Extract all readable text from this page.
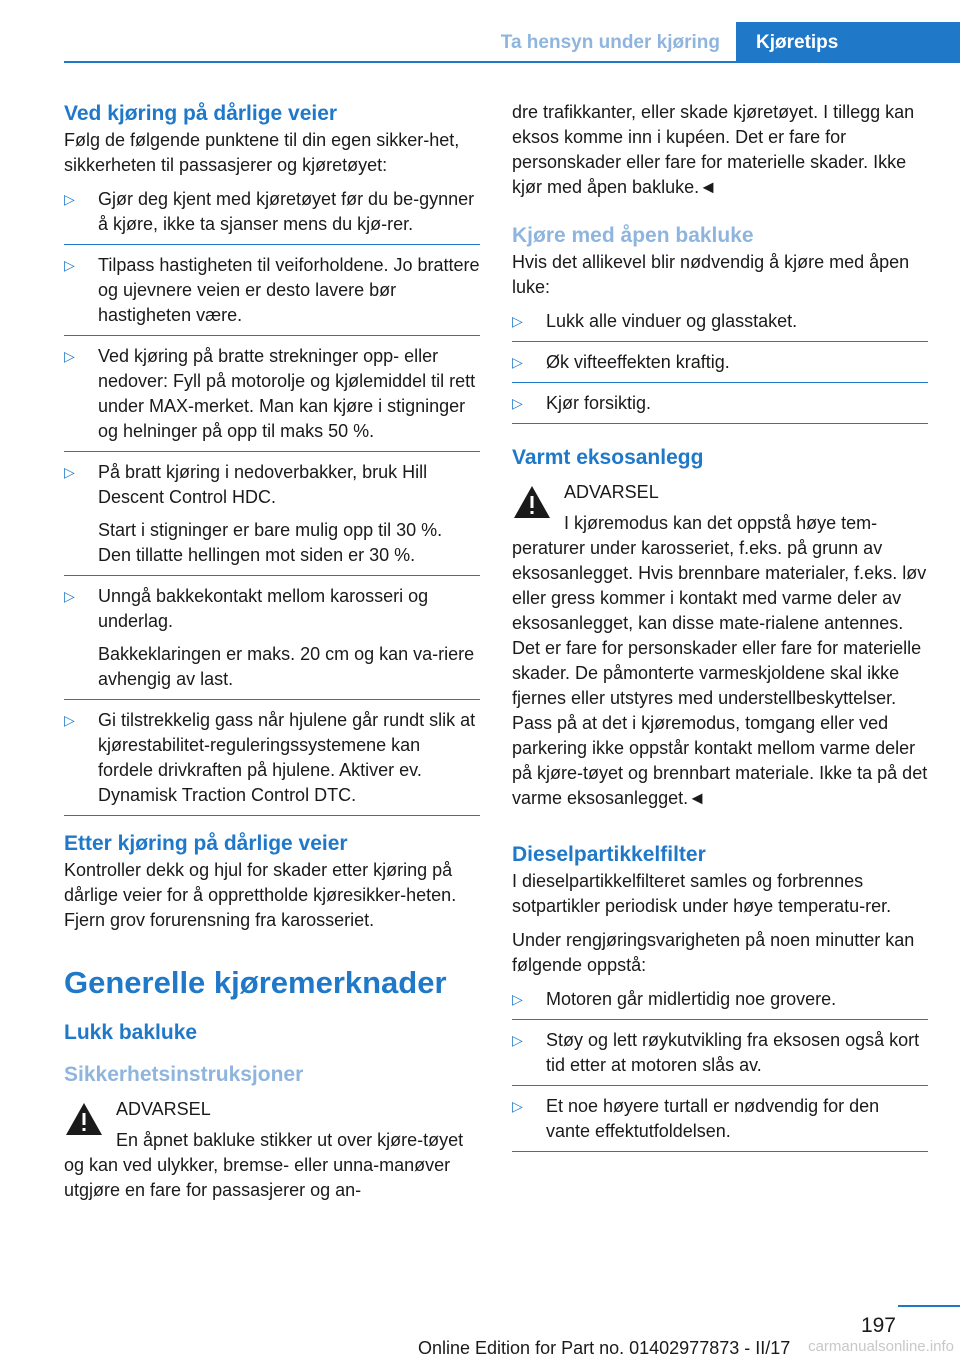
Ta hensyn under kjøring	Kjøretips
Ved kjøring på dårlige veier

Følg de følgende punktene til din egen sikker-het, sikkerheten til passasjerer og kjøretøyet:

▷ Gjør deg kjent med kjøretøyet før du be-gynner å kjøre, ikke ta sjanser mens du kjø-rer.

▷ Tilpass hastigheten til veiforholdene. Jo brattere og ujevnere veien er desto lavere bør hastigheten være.

▷ Ved kjøring på bratte strekninger opp- eller nedover: Fyll på motorolje og kjølemiddel til rett under MAX-merket. Man kan kjøre i stigninger og helninger på opp til maks 50 %.

▷ På bratt kjøring i nedoverbakker, bruk Hill Descent Control HDC.

Start i stigninger er bare mulig opp til 30 %. Den tillatte hellingen mot siden er 30 %.

▷ Unngå bakkekontakt mellom karosseri og underlag.

Bakkeklaringen er maks. 20 cm og kan va-riere avhengig av last.

▷ Gi tilstrekkelig gass når hjulene går rundt slik at kjørestabilitet-reguleringssystemene kan fordele drivkraften på hjulene. Aktiver ev. Dynamisk Traction Control DTC.

Etter kjøring på dårlige veier

Kontroller dekk og hjul for skader etter kjøring på dårlige veier for å opprettholde kjøresikker-heten. Fjern grov forurensning fra karosseriet.

Generelle kjøremerknader
Lukk bakluke
Sikkerhetsinstruksjoner
ADVARSEL
En åpnet bakluke stikker ut over kjøre-tøyet og kan ved ulykker, bremse- eller unna-manøver utgjøre en fare for passasjerer og an-

dre trafikkanter, eller skade kjøretøyet. I tillegg kan eksos komme inn i kupéen. Det er fare for personskader eller fare for materielle skader. Ikke kjør med åpen bakluke.◄

Kjøre med åpen bakluke

Hvis det allikevel blir nødvendig å kjøre med åpen luke:

▷ Lukk alle vinduer og glasstaket.

▷ Øk vifteeffekten kraftig.

▷ Kjør forsiktig.

Varmt eksosanlegg
ADVARSEL
I kjøremodus kan det oppstå høye tem-peraturer under karosseriet, f.eks. på grunn av eksosanlegget. Hvis brennbare materialer, f.eks. løv eller gress kommer i kontakt med varme deler av eksosanlegget, kan disse mate-rialene antennes. Det er fare for personskader eller fare for materielle skader. De påmonterte varmeskjoldene skal ikke fjernes eller utstyres med understellbeskyttelser. Pass på at det i kjøremodus, tomgang eller ved parkering ikke oppstår kontakt mellom varme deler på kjøre-tøyet og brennbart materiale. Ikke ta på det varme eksosanlegget.◄
Dieselpartikkelfilter

I dieselpartikkelfilteret samles og forbrennes sotpartikler periodisk under høye temperatu-rer.

Under rengjøringsvarigheten på noen minutter kan følgende oppstå:

▷ Motoren går midlertidig noe grovere.

▷ Støy og lett røykutvikling fra eksosen også kort tid etter at motoren slås av.

▷ Et noe høyere turtall er nødvendig for den vante effektutfoldelsen.

197
Online Edition for Part no. 01402977873 - II/17 carmanualsonline.info
